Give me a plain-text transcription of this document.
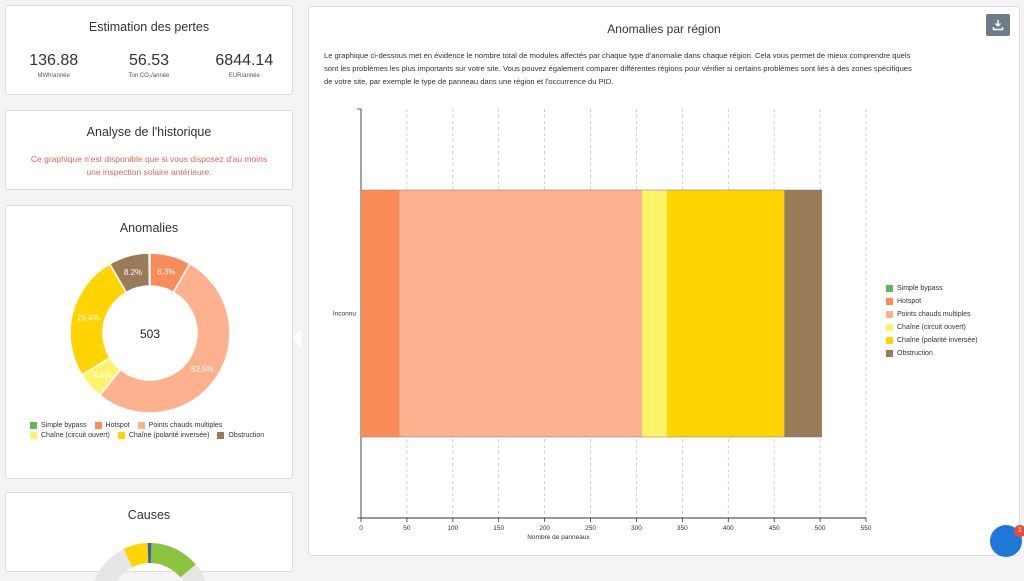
Estimation des pertes
136.88
MWh/année
56.53
Ton CO₂/année
6844.14
EUR/année
Analyse de l'historique
Ce graphique n'est disponible que si vous disposez d'au moins
une inspection solaire antérieure.
Anomalies
8.3%
52.5%
5.4%
25.4%
8.2%
503
Simple bypass	Hotspot	Points chauds multiples
Chaîne (circuit ouvert)	Chaîne (polarité inversée)	Obstruction
Causes
Anomalies par région
Le graphique ci-dessous met en évidence le nombre total de modules affectés par chaque type d'anomalie dans chaque région. Cela vous permet de mieux comprendre quels
sont les problèmes les plus importants sur votre site. Vous pouvez également comparer différentes régions pour vérifier si certains problèmes sont liés à des zones spécifiques
de votre site, par exemple le type de panneau dans une région et l'occurrence du PID.
0	50	100	150	200	250	300	350	400	450	500	550
Inconnu
Nombre de panneaux
Simple bypass
Hotspot
Points chauds multiples
Chaîne (circuit ouvert)
Chaîne (polarité inversée)
Obstruction
1
